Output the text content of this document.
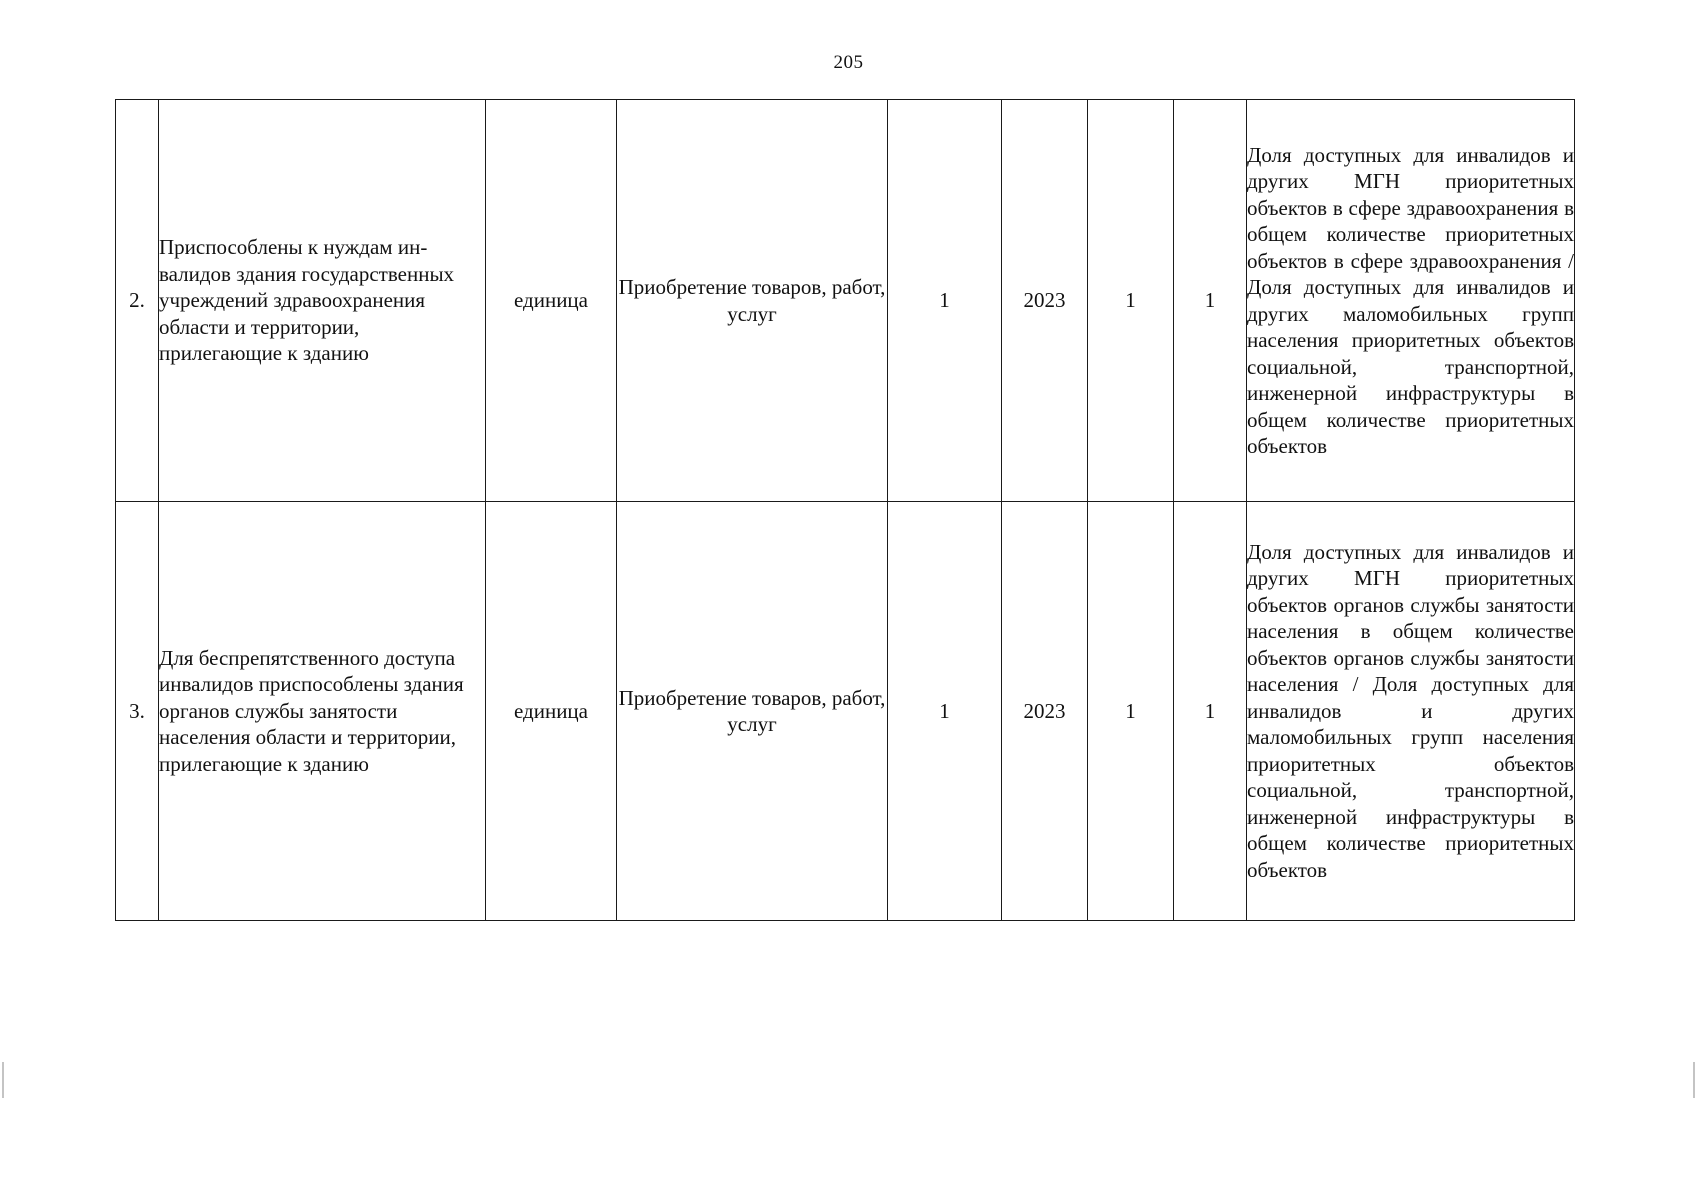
205
2.	Приспособлены к нуждам инвалидов здания государственных учреждений здравоохранения области и территории, прилегающие к зданию	единица	Приобретение товаров, работ, услуг	1	2023	1	1	Доля доступных для инвалидов и других МГН приоритетных объектов в сфере здравоохранения в общем количестве приоритетных объектов в сфере здравоохранения / Доля доступных для инвалидов и других маломобильных групп населения приоритетных объектов социальной, транспортной, инженерной инфраструктуры в общем количестве приоритетных объектов
3.	Для беспрепятственного доступа инвалидов приспособлены здания органов службы занятости населения области и территории, прилегающие к зданию	единица	Приобретение товаров, работ, услуг	1	2023	1	1	Доля доступных для инвалидов и других МГН приоритетных объектов органов службы занятости населения в общем количестве объектов органов службы занятости населения / Доля доступных для инвалидов и других маломобильных групп населения приоритетных объектов социальной, транспортной, инженерной инфраструктуры в общем количестве приоритетных объектов
